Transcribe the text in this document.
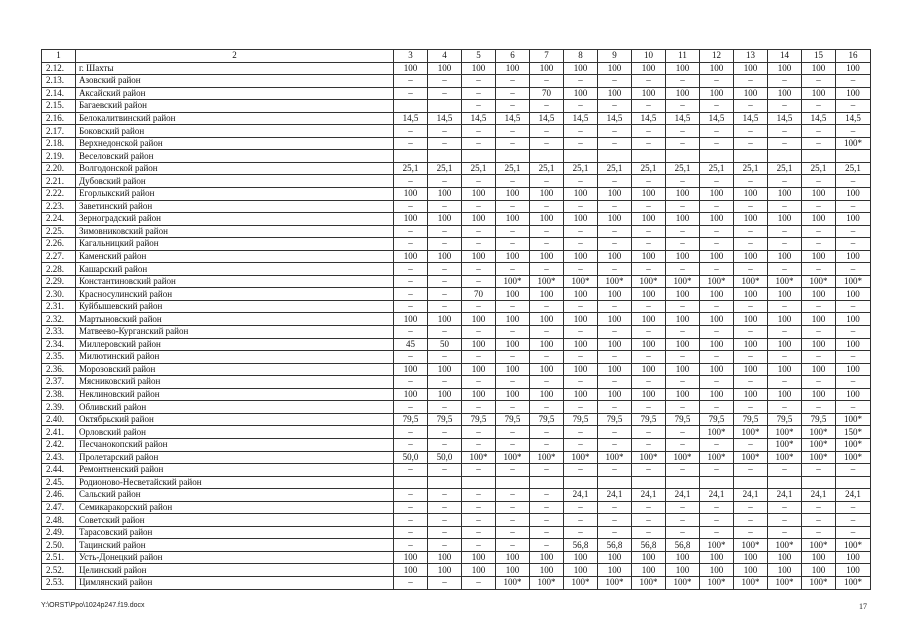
1	2	3	4	5	6	7	8	9	10	11	12	13	14	15	16
2.12.	г. Шахты	100	100	100	100	100	100	100	100	100	100	100	100	100	100
2.13.	Азовский район	–	–	–	–	–	–	–	–	–	–	–	–	–	–
2.14.	Аксайский район	–	–	–	–	70	100	100	100	100	100	100	100	100	100
2.15.	Багаевский район			–	–	–	–	–	–	–	–	–	–	–	–
2.16.	Белокалитвинский район	14,5	14,5	14,5	14,5	14,5	14,5	14,5	14,5	14,5	14,5	14,5	14,5	14,5	14,5
2.17.	Боковский район	–	–	–	–	–	–	–	–	–	–	–	–	–	–
2.18.	Верхнедонской район	–	–	–	–	–	–	–	–	–	–	–	–	–	100*
2.19.	Веселовский район														
2.20.	Волгодонской район	25,1	25,1	25,1	25,1	25,1	25,1	25,1	25,1	25,1	25,1	25,1	25,1	25,1	25,1
2.21.	Дубовский район	–	–	–	–	–	–	–	–	–	–	–	–	–	–
2.22.	Егорлыкский район	100	100	100	100	100	100	100	100	100	100	100	100	100	100
2.23.	Заветинский район	–	–	–	–	–	–	–	–	–	–	–	–	–	–
2.24.	Зерноградский район	100	100	100	100	100	100	100	100	100	100	100	100	100	100
2.25.	Зимовниковский район	–	–	–	–	–	–	–	–	–	–	–	–	–	–
2.26.	Кагальницкий район	–	–	–	–	–	–	–	–	–	–	–	–	–	–
2.27.	Каменский район	100	100	100	100	100	100	100	100	100	100	100	100	100	100
2.28.	Кашарский район	–	–	–	–	–	–	–	–	–	–	–	–	–	–
2.29.	Константиновский район	–	–	–	100*	100*	100*	100*	100*	100*	100*	100*	100*	100*	100*
2.30.	Красносулинский район	–	–	70	100	100	100	100	100	100	100	100	100	100	100
2.31.	Куйбышевский район	–	–	–	–	–	–	–	–	–	–	–	–	–	–
2.32.	Мартыновский район	100	100	100	100	100	100	100	100	100	100	100	100	100	100
2.33.	Матвеево-Курганский район	–	–	–	–	–	–	–	–	–	–	–	–	–	–
2.34.	Миллеровский район	45	50	100	100	100	100	100	100	100	100	100	100	100	100
2.35.	Милютинский район	–	–	–	–	–	–	–	–	–	–	–	–	–	–
2.36.	Морозовский район	100	100	100	100	100	100	100	100	100	100	100	100	100	100
2.37.	Мясниковский район	–	–	–	–	–	–	–	–	–	–	–	–	–	–
2.38.	Неклиновский район	100	100	100	100	100	100	100	100	100	100	100	100	100	100
2.39.	Обливский район	–	–	–	–	–	–	–	–	–	–	–	–	–	–
2.40.	Октябрьский район	79,5	79,5	79,5	79,5	79,5	79,5	79,5	79,5	79,5	79,5	79,5	79,5	79,5	100*
2.41.	Орловский район	–	–	–	–	–	–	–	–	–	100*	100*	100*	100*	150*
2.42.	Песчанокопский район	–	–	–	–	–	–	–	–	–	–	–	100*	100*	100*
2.43.	Пролетарский район	50,0	50,0	100*	100*	100*	100*	100*	100*	100*	100*	100*	100*	100*	100*
2.44.	Ремонтненский район	–	–	–	–	–	–	–	–	–	–	–	–	–	–
2.45.	Родионово-Несветайский район														
2.46.	Сальский район	–	–	–	–	–	24,1	24,1	24,1	24,1	24,1	24,1	24,1	24,1	24,1
2.47.	Семикаракорский район	–	–	–	–	–	–	–	–	–	–	–	–	–	–
2.48.	Советский район	–	–	–	–	–	–	–	–	–	–	–	–	–	–
2.49.	Тарасовский район	–	–	–	–	–	–	–	–	–	–	–	–	–	–
2.50.	Тацинский район	–	–	–	–	–	56,8	56,8	56,8	56,8	100*	100*	100*	100*	100*
2.51.	Усть-Донецкий район	100	100	100	100	100	100	100	100	100	100	100	100	100	100
2.52.	Целинский район	100	100	100	100	100	100	100	100	100	100	100	100	100	100
2.53.	Цимлянский район	–	–	–	100*	100*	100*	100*	100*	100*	100*	100*	100*	100*	100*
Y:\ORST\Ppo\1024p247.f19.docx	17
